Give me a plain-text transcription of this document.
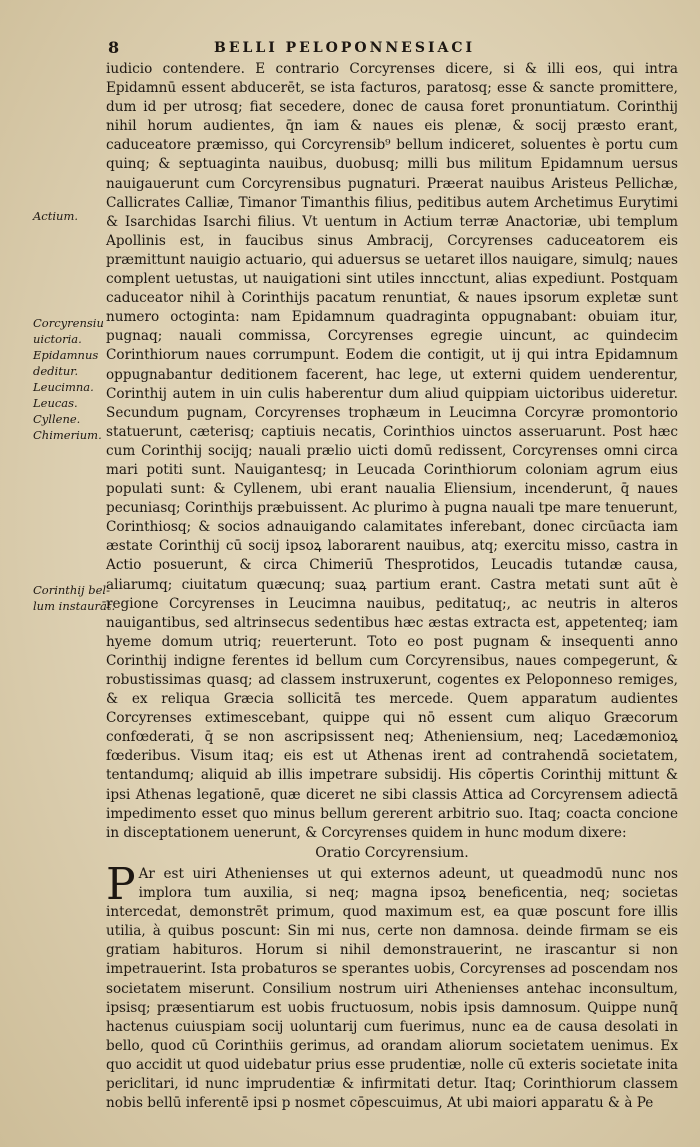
8	BELLI PELOPONNESIACI
Actium.
Corcyrensiu
uictoria.
Epidamnus
deditur.
Leucimna.
Leucas.
Cyllene.
Chimerium.
Corinthij bel-
lum instaurāt.

iudicio contendere. E contrario Corcyrenses dicere, si & illi eos, qui intra Epidamnū essent abducerēt, se ista facturos, paratosq; esse & sancte promittere, dum id per utrosq; fiat secedere, donec de causa foret pronuntiatum. Corinthij nihil horum audientes, q̄n iam & naues eis plenæ, & socij præsto erant, caduceatore præmisso, qui Corcyrensib⁹ bellum indiceret, soluentes è portu cum quinq; & septuaginta nauibus, duobusq; milli bus militum Epidamnum uersus nauigauerunt cum Corcyrensibus pugnaturi. Præerat nauibus Aristeus Pellichæ, Callicrates Calliæ, Timanor Timanthis filius, peditibus autem Archetimus Eurytimi & Isarchidas Isarchi filius. Vt uentum in Actium terræ Anactoriæ, ubi templum Apollinis est, in faucibus sinus Ambracij, Corcyrenses caduceatorem eis præmittunt nauigio actuario, qui aduersus se uetaret illos nauigare, simulq; naues complent uetustas, ut nauigationi sint utiles inncctunt, alias expediunt. Postquam caduceator nihil à Corinthijs pacatum renuntiat, & naues ipsorum expletæ sunt numero octoginta: nam Epidamnum quadraginta oppugnabant: obuiam itur, pugnaq; nauali commissa, Corcyrenses egregie uincunt, ac quindecim Corinthiorum naues corrumpunt. Eodem die contigit, ut ij qui intra Epidamnum oppugnabantur deditionem facerent, hac lege, ut externi quidem uenderentur, Corinthij autem in uin culis haberentur dum aliud quippiam uictoribus uideretur. Secundum pugnam, Corcyrenses trophæum in Leucimna Corcyræ promontorio statuerunt, cæterisq; captiuis necatis, Corinthios uinctos asseruarunt. Post hæc cum Corinthij socijq; nauali prælio uicti domū redissent, Corcyrenses omni circa mari potiti sunt. Nauigantesq; in Leucada Corinthiorum coloniam agrum eius populati sunt: & Cyllenem, ubi erant naualia Eliensium, incenderunt, q̄ naues pecuniasq; Corinthijs præbuissent. Ac plurimo à pugna nauali tpe mare tenuerunt, Corinthiosq; & socios adnauigando calamitates inferebant, donec circūacta iam æstate Corinthij cū socij ipsoꝝ laborarent nauibus, atq; exercitu misso, castra in Actio posuerunt, & circa Chimeriū Thesprotidos, Leucadis tutandæ causa, aliarumq; ciuitatum quæcunq; suaꝝ partium erant. Castra metati sunt aūt è regione Corcyrenses in Leucimna nauibus, peditatuq;, ac neutris in alteros nauigantibus, sed altrinsecus sedentibus hæc æstas extracta est, appetenteq; iam hyeme domum utriq; reuerterunt. Toto eo post pugnam & insequenti anno Corinthij indigne ferentes id bellum cum Corcyrensibus, naues compegerunt, & robustissimas quasq; ad classem instruxerunt, cogentes ex Peloponneso remiges, & ex reliqua Græcia sollicitā tes mercede. Quem apparatum audientes Corcyrenses extimescebant, quippe qui nō essent cum aliquo Græcorum confœderati, q̄ se non ascripsissent neq; Atheniensium, neq; Lacedæmonioꝝ fœderibus. Visum itaq; eis est ut Athenas irent ad contrahendā societatem, tentandumq; aliquid ab illis impetrare subsidij. His cōpertis Corinthij mittunt & ipsi Athenas legationē, quæ diceret ne sibi classis Attica ad Corcyrensem adiectā impedimento esset quo minus bellum gererent arbitrio suo. Itaq; coacta concione in disceptationem uenerunt, & Corcyrenses quidem in hunc modum dixere:

Oratio Corcyrensium.

P Ar est uiri Athenienses ut qui externos adeunt, ut queadmodū nunc nos implora tum auxilia, si neq; magna ipsoꝝ beneficentia, neq; societas intercedat, demonstrēt primum, quod maximum est, ea quæ poscunt fore illis utilia, à quibus poscunt: Sin mi nus, certe non damnosa. deinde firmam se eis gratiam habituros. Horum si nihil demonstrauerint, ne irascantur si non impetrauerint. Ista probaturos se sperantes uobis, Corcyrenses ad poscendam nos societatem miserunt. Consilium nostrum uiri Athenienses antehac inconsultum, ipsisq; præsentiarum est uobis fructuosum, nobis ipsis damnosum. Quippe nunq̄ hactenus cuiuspiam socij uoluntarij cum fuerimus, nunc ea de causa desolati in bello, quod cū Corinthiis gerimus, ad orandam aliorum societatem uenimus. Ex quo accidit ut quod uidebatur prius esse prudentiæ, nolle cū exteris societate inita periclitari, id nunc imprudentiæ & infirmitati detur. Itaq; Corinthiorum classem nobis bellū inferentē ipsi p nosmet cōpescuimus, At ubi maiori apparatu & à Pe
